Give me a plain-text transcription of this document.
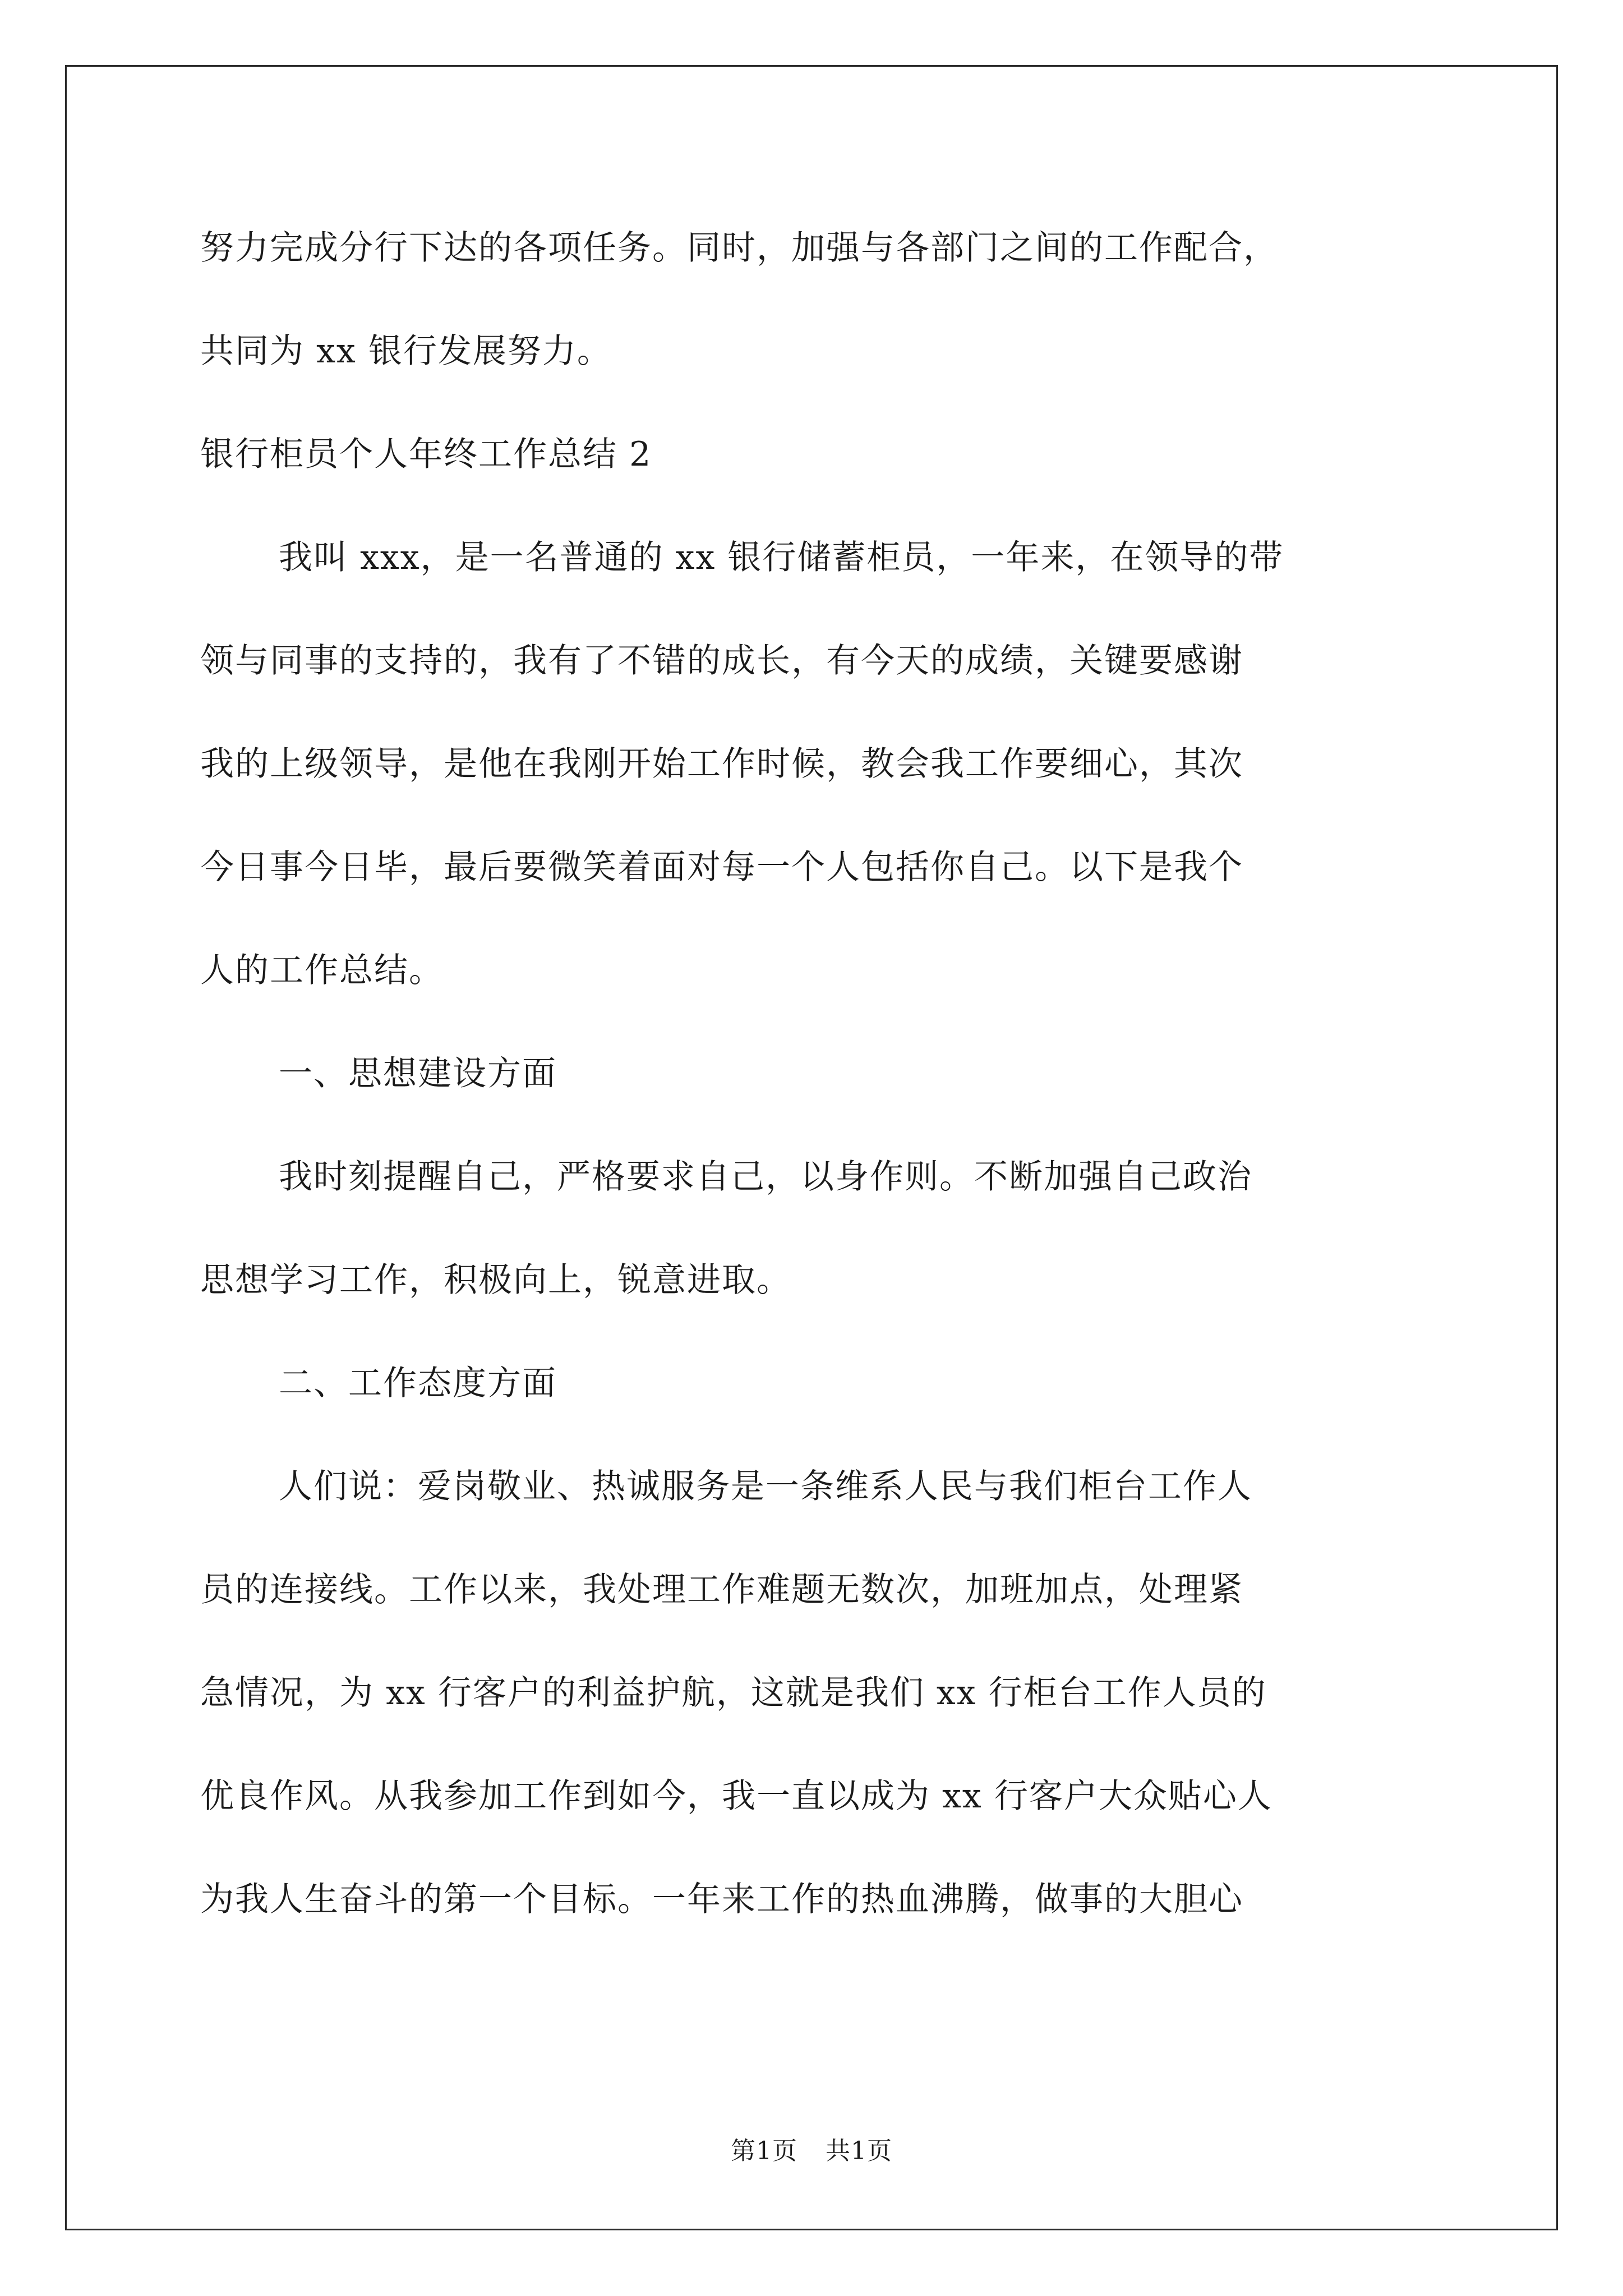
努力完成分行下达的各项任务。同时，加强与各部门之间的工作配合，
共同为 xx 银行发展努力。
银行柜员个人年终工作总结 2
我叫 xxx，是一名普通的 xx 银行储蓄柜员，一年来，在领导的带
领与同事的支持的，我有了不错的成长，有今天的成绩，关键要感谢
我的上级领导，是他在我刚开始工作时候，教会我工作要细心，其次
今日事今日毕，最后要微笑着面对每一个人包括你自己。以下是我个
人的工作总结。
一、思想建设方面
我时刻提醒自己，严格要求自己，以身作则。不断加强自己政治
思想学习工作，积极向上，锐意进取。
二、工作态度方面
人们说：爱岗敬业、热诚服务是一条维系人民与我们柜台工作人
员的连接线。工作以来，我处理工作难题无数次，加班加点，处理紧
急情况，为 xx 行客户的利益护航，这就是我们 xx 行柜台工作人员的
优良作风。从我参加工作到如今，我一直以成为 xx 行客户大众贴心人
为我人生奋斗的第一个目标。一年来工作的热血沸腾，做事的大胆心
第1页 共1页
